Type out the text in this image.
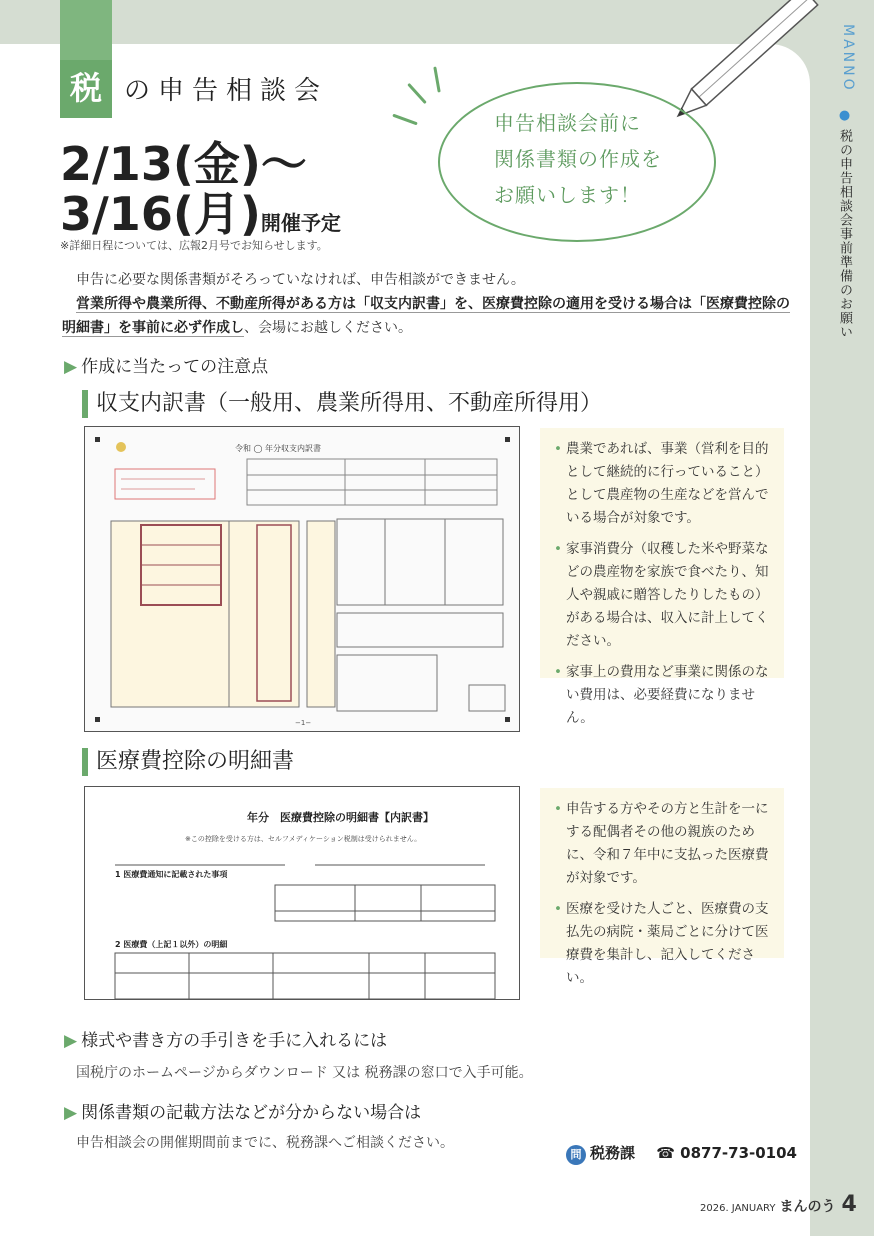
MANNO
● 税の申告相談会事前準備のお願い
税 の申告相談会
2/13(金)〜
3/16(月)開催予定
※詳細日程については、広報2月号でお知らせします。
申告相談会前に
関係書類の作成を
お願いします！

申告に必要な関係書類がそろっていなければ、申告相談ができません。

営業所得や農業所得、不動産所得がある方は「収支内訳書」を、医療費控除の適用を受ける場合は「医療費控除の明細書」を事前に必ず作成し、会場にお越しください。

▶ 作成に当たっての注意点
収支内訳書（一般用、農業所得用、不動産所得用）
令和 ◯ 年分収支内訳書
−1−
• 農業であれば、事業（営利を目的として継続的に行っていること）として農産物の生産などを営んでいる場合が対象です。
• 家事消費分（収穫した米や野菜などの農産物を家族で食べたり、知人や親戚に贈答したりしたもの）がある場合は、収入に計上してください。
• 家事上の費用など事業に関係のない費用は、必要経費になりません。
医療費控除の明細書
年分　医療費控除の明細書【内訳書】
※この控除を受ける方は、セルフメディケーション税制は受けられません。
1 医療費通知に記載された事項
2 医療費（上記１以外）の明細
• 申告する方やその方と生計を一にする配偶者その他の親族のために、令和７年中に支払った医療費が対象です。
• 医療を受けた人ごと、医療費の支払先の病院・薬局ごとに分けて医療費を集計し、記入してください。
▶ 様式や書き方の手引きを手に入れるには
国税庁のホームページからダウンロード 又は 税務課の窓口で入手可能。
▶ 関係書類の記載方法などが分からない場合は
申告相談会の開催期間前までに、税務課へご相談ください。
問 税務課 ☎ 0877-73-0104
2026. JANUARY まんのう 4
